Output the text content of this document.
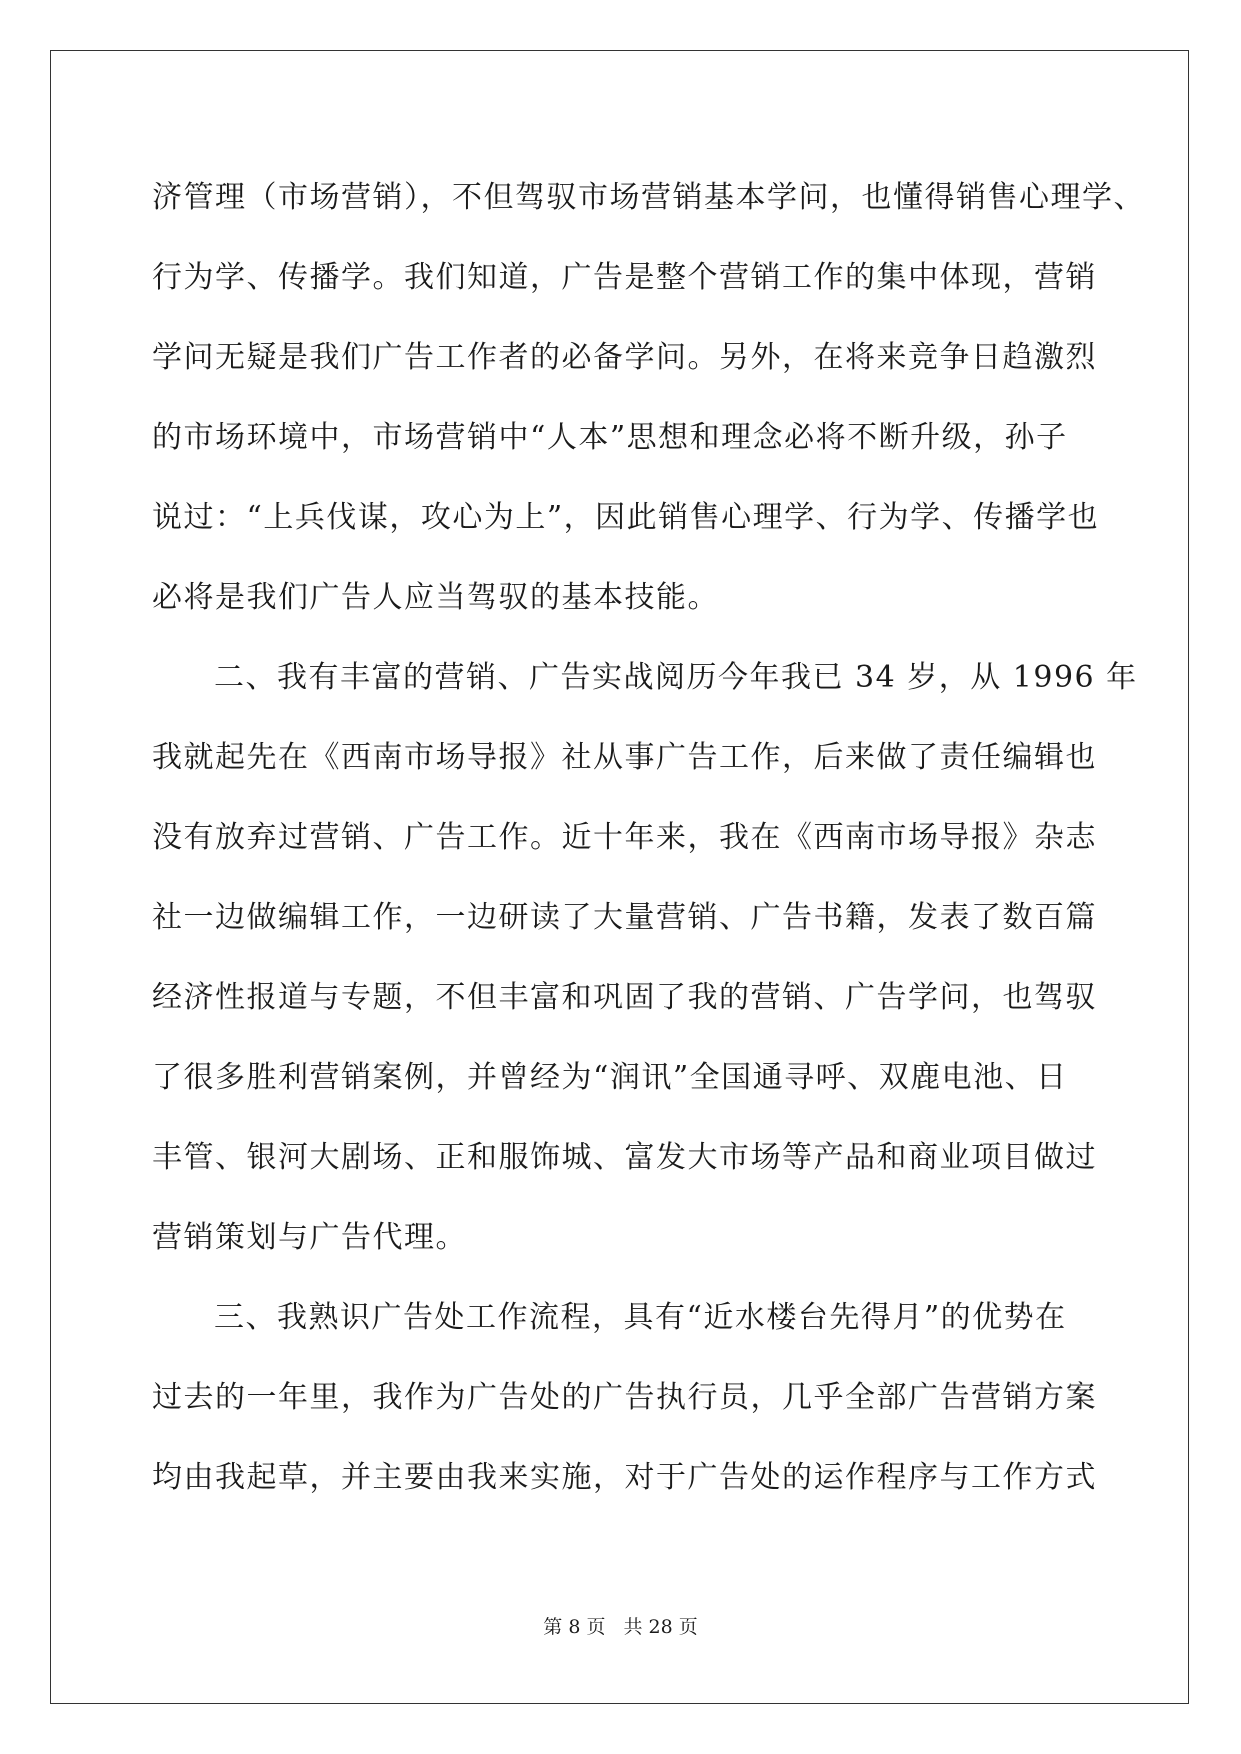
济管理（市场营销），不但驾驭市场营销基本学问，也懂得销售心理学、
行为学、传播学。我们知道，广告是整个营销工作的集中体现，营销
学问无疑是我们广告工作者的必备学问。另外，在将来竞争日趋激烈
的市场环境中，市场营销中“人本”思想和理念必将不断升级，孙子
说过：“上兵伐谋，攻心为上”，因此销售心理学、行为学、传播学也
必将是我们广告人应当驾驭的基本技能。
二、我有丰富的营销、广告实战阅历今年我已 34 岁，从 1996 年
我就起先在《西南市场导报》社从事广告工作，后来做了责任编辑也
没有放弃过营销、广告工作。近十年来，我在《西南市场导报》杂志
社一边做编辑工作，一边研读了大量营销、广告书籍，发表了数百篇
经济性报道与专题，不但丰富和巩固了我的营销、广告学问，也驾驭
了很多胜利营销案例，并曾经为“润讯”全国通寻呼、双鹿电池、日
丰管、银河大剧场、正和服饰城、富发大市场等产品和商业项目做过
营销策划与广告代理。
三、我熟识广告处工作流程，具有“近水楼台先得月”的优势在
过去的一年里，我作为广告处的广告执行员，几乎全部广告营销方案
均由我起草，并主要由我来实施，对于广告处的运作程序与工作方式
第 8 页 共 28 页
